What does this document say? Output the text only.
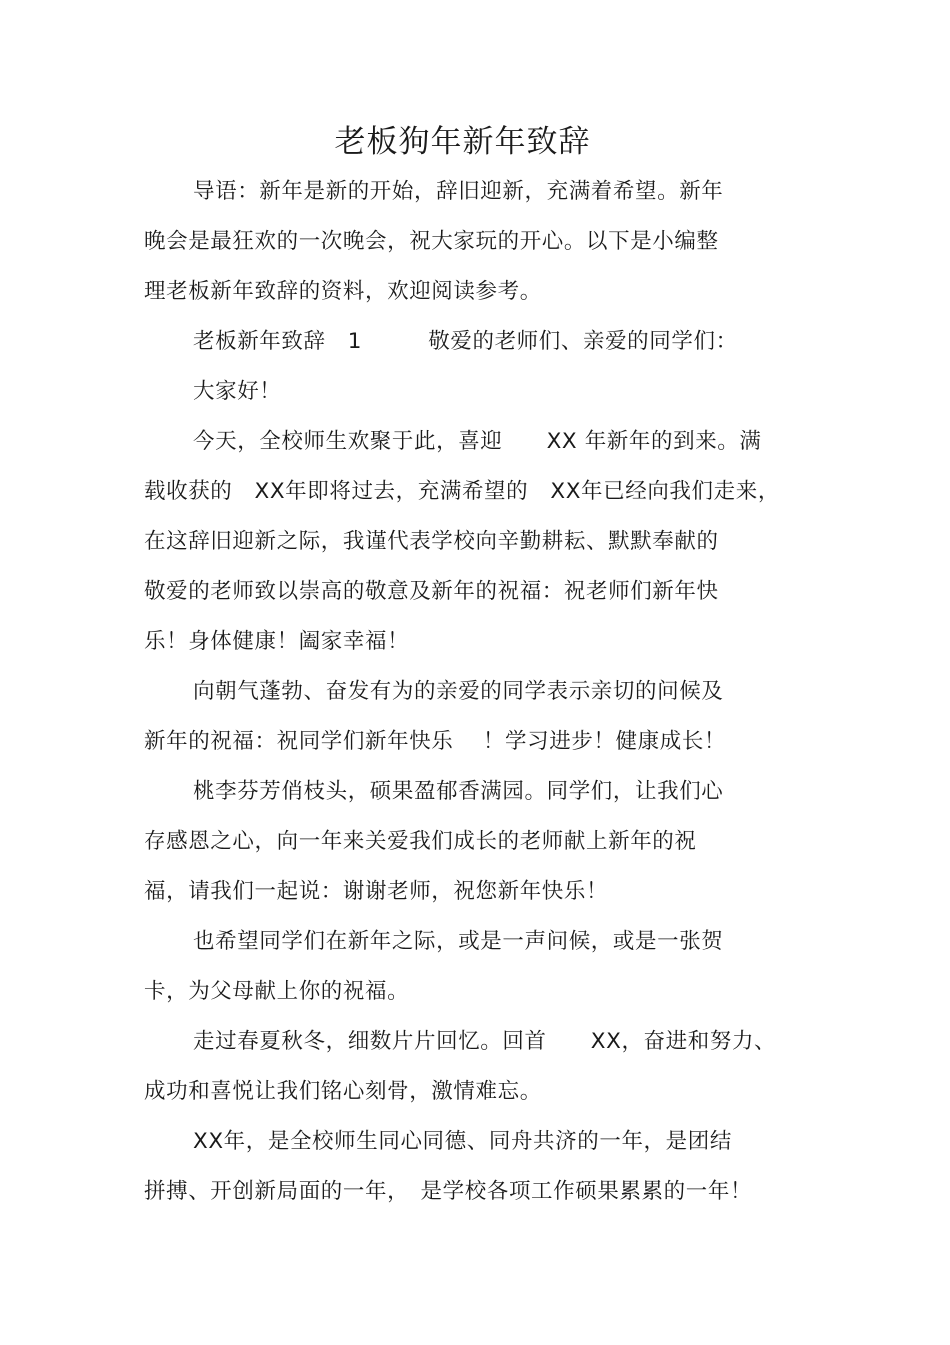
老板狗年新年致辞
导语：新年是新的开始，辞旧迎新，充满着希望。新年
晚会是最狂欢的一次晚会，祝大家玩的开心。以下是小编整
理老板新年致辞的资料，欢迎阅读参考。
老板新年致辞　1　　　敬爱的老师们、亲爱的同学们：
大家好！
今天，全校师生欢聚于此，喜迎　　XX 年新年的到来。满
载收获的　XX年即将过去，充满希望的　XX年已经向我们走来，
在这辞旧迎新之际，我谨代表学校向辛勤耕耘、默默奉献的
敬爱的老师致以崇高的敬意及新年的祝福：祝老师们新年快
乐！身体健康！阖家幸福！
向朝气蓬勃、奋发有为的亲爱的同学表示亲切的问候及
新年的祝福：祝同学们新年快乐　 ！学习进步！健康成长！
桃李芬芳俏枝头，硕果盈郁香满园。同学们，让我们心
存感恩之心，向一年来关爱我们成长的老师献上新年的祝
福，请我们一起说：谢谢老师，祝您新年快乐！
也希望同学们在新年之际，或是一声问候，或是一张贺
卡，为父母献上你的祝福。
走过春夏秋冬，细数片片回忆。回首　　XX，奋进和努力、
成功和喜悦让我们铭心刻骨，激情难忘。
XX年，是全校师生同心同德、同舟共济的一年，是团结
拼搏、开创新局面的一年，　是学校各项工作硕果累累的一年！
